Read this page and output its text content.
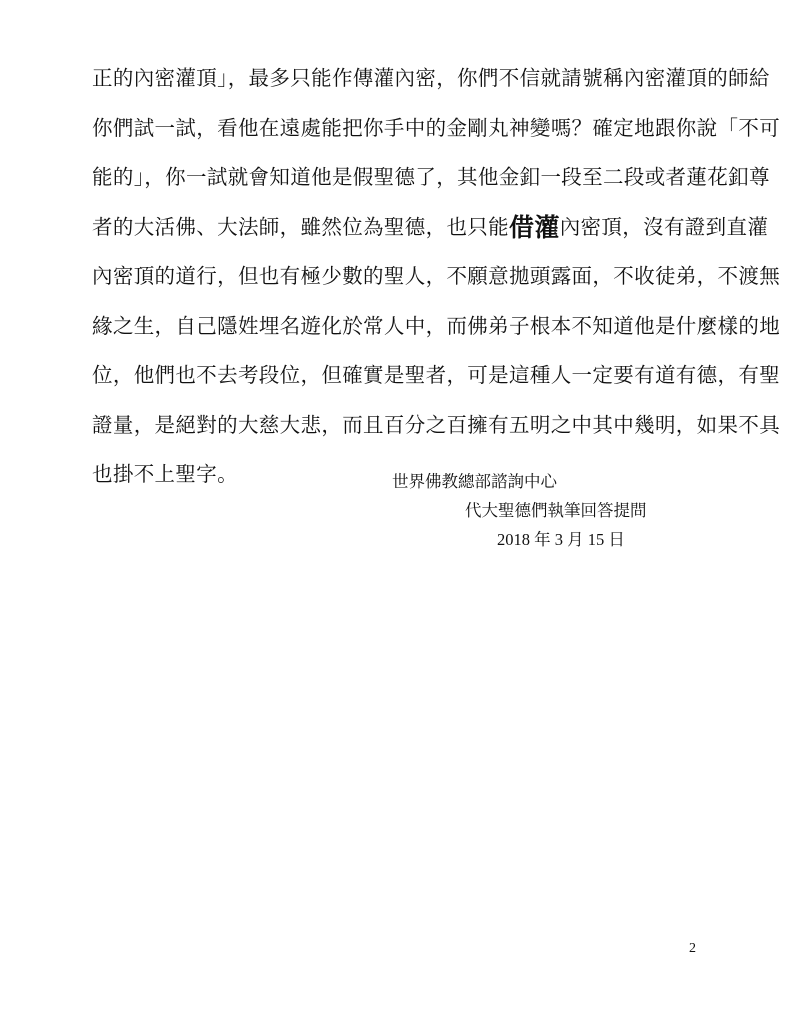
正的內密灌頂」，最多只能作傳灌內密，你們不信就請號稱內密灌頂的師給
你們試一試，看他在遠處能把你手中的金剛丸神變嗎？確定地跟你說「不可
能的」，你一試就會知道他是假聖德了，其他金釦一段至二段或者蓮花釦尊
者的大活佛、大法師，雖然位為聖德，也只能借灌內密頂，沒有證到直灌
內密頂的道行，但也有極少數的聖人，不願意拋頭露面，不收徒弟，不渡無
緣之生，自己隱姓埋名遊化於常人中，而佛弟子根本不知道他是什麼樣的地
位，他們也不去考段位，但確實是聖者，可是這種人一定要有道有德，有聖
證量，是絕對的大慈大悲，而且百分之百擁有五明之中其中幾明，如果不具
也掛不上聖字。	世界佛教總部諮詢中心
代大聖德們執筆回答提問
2018 年 3 月 15 日
2
